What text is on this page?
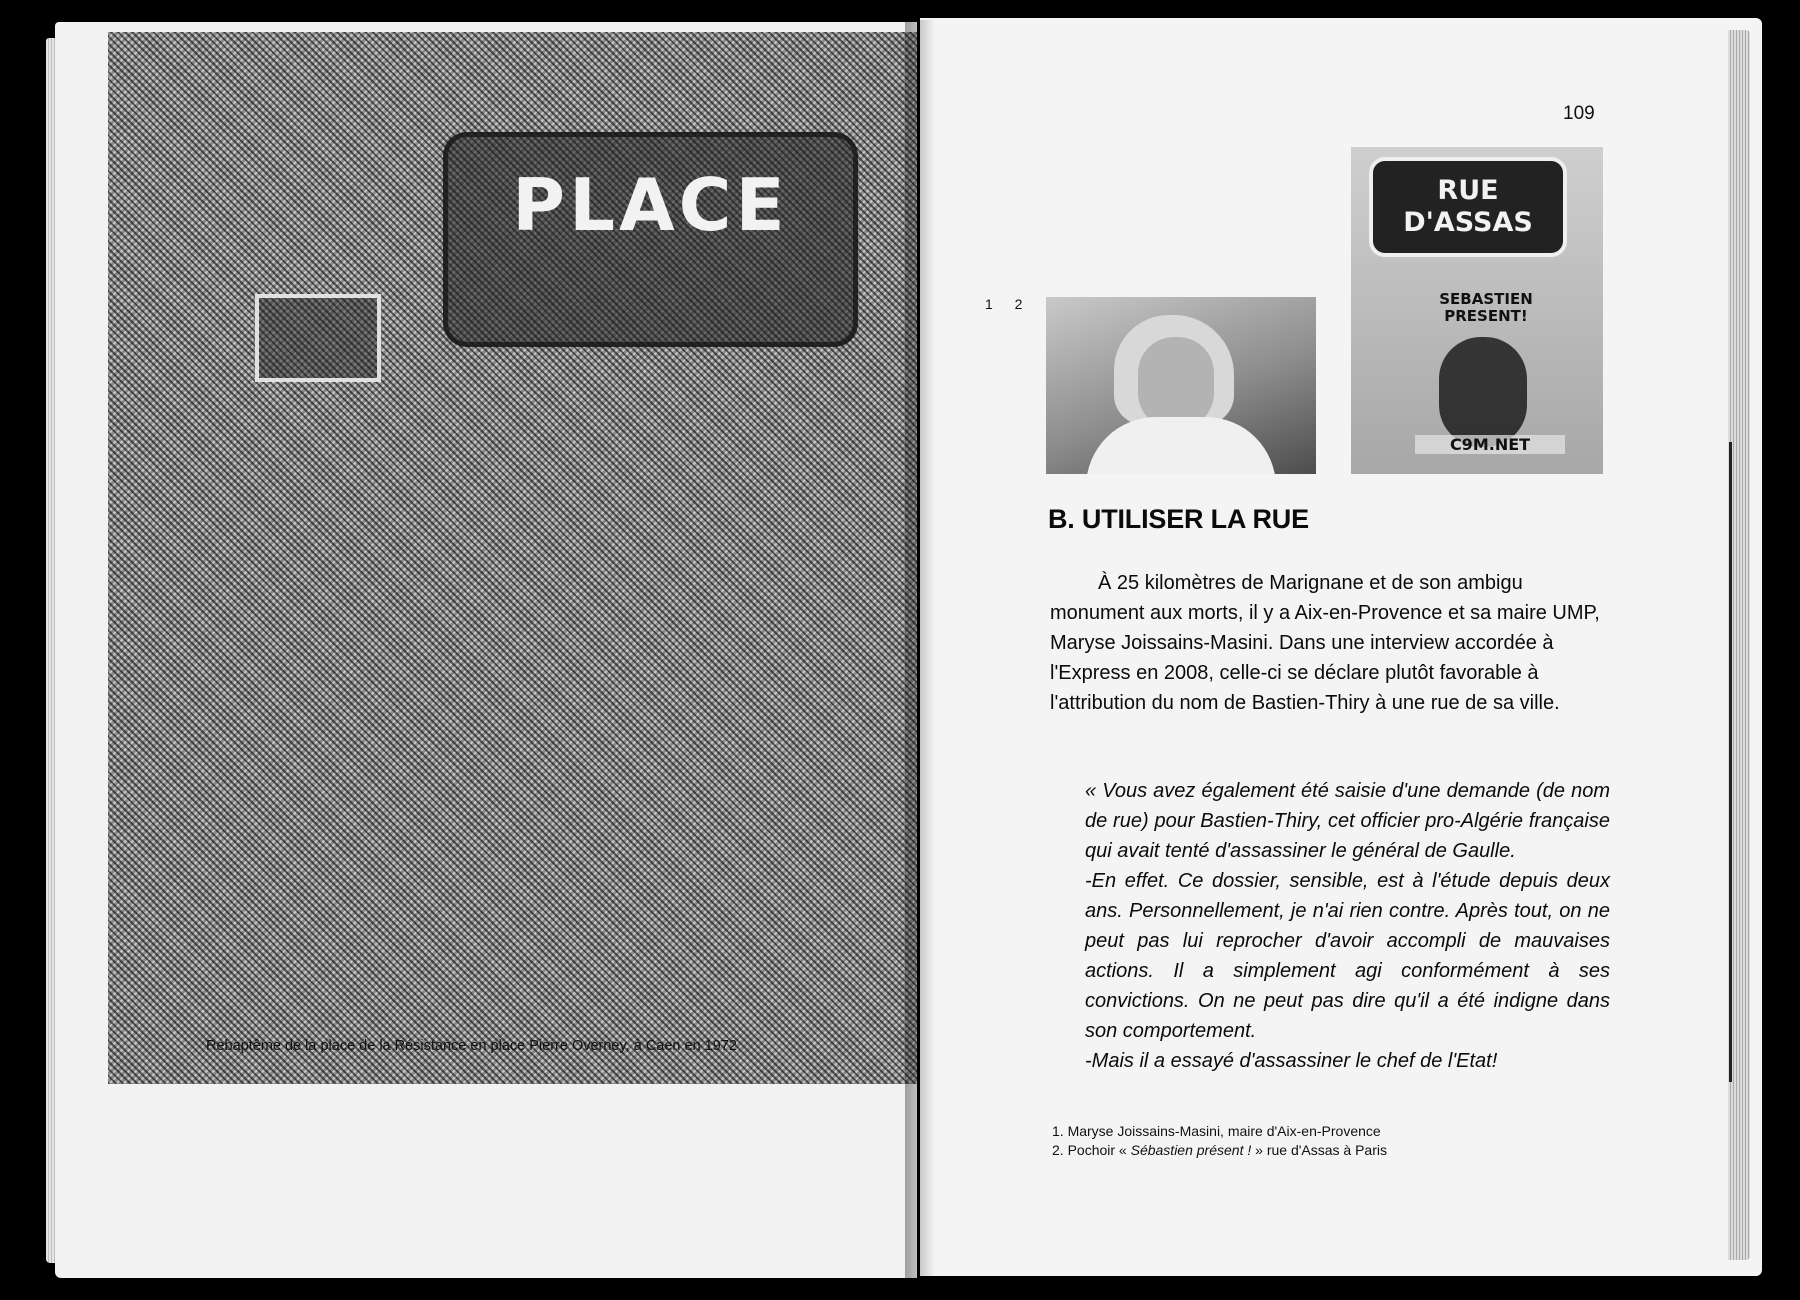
PLACE
Rebaptême de la place de la Résistance en place Pierre Overney, à Caen en 1972
109
1 2
RUE
D'ASSAS
SEBASTIEN
PRESENT!
C9M.NET
B. UTILISER LA RUE

À 25 kilomètres de Marignane et de son ambigu monument aux morts, il y a Aix-en-Provence et sa maire UMP, Maryse Joissains-Masini. Dans une interview accordée à l'Express en 2008, celle-ci se déclare plutôt favorable à l'attribution du nom de Bastien-Thiry à une rue de sa ville.

« Vous avez également été saisie d'une demande (de nom de rue) pour Bastien-Thiry, cet officier pro-Algérie française qui avait tenté d'assassiner le général de Gaulle.

-En effet. Ce dossier, sensible, est à l'étude depuis deux ans. Personnellement, je n'ai rien contre. Après tout, on ne peut pas lui reprocher d'avoir accompli de mauvaises actions. Il a simplement agi conformément à ses convictions. On ne peut pas dire qu'il a été indigne dans son comportement.

-Mais il a essayé d'assassiner le chef de l'Etat!

1. Maryse Joissains-Masini, maire d'Aix-en-Provence
2. Pochoir « Sébastien présent ! » rue d'Assas à Paris
